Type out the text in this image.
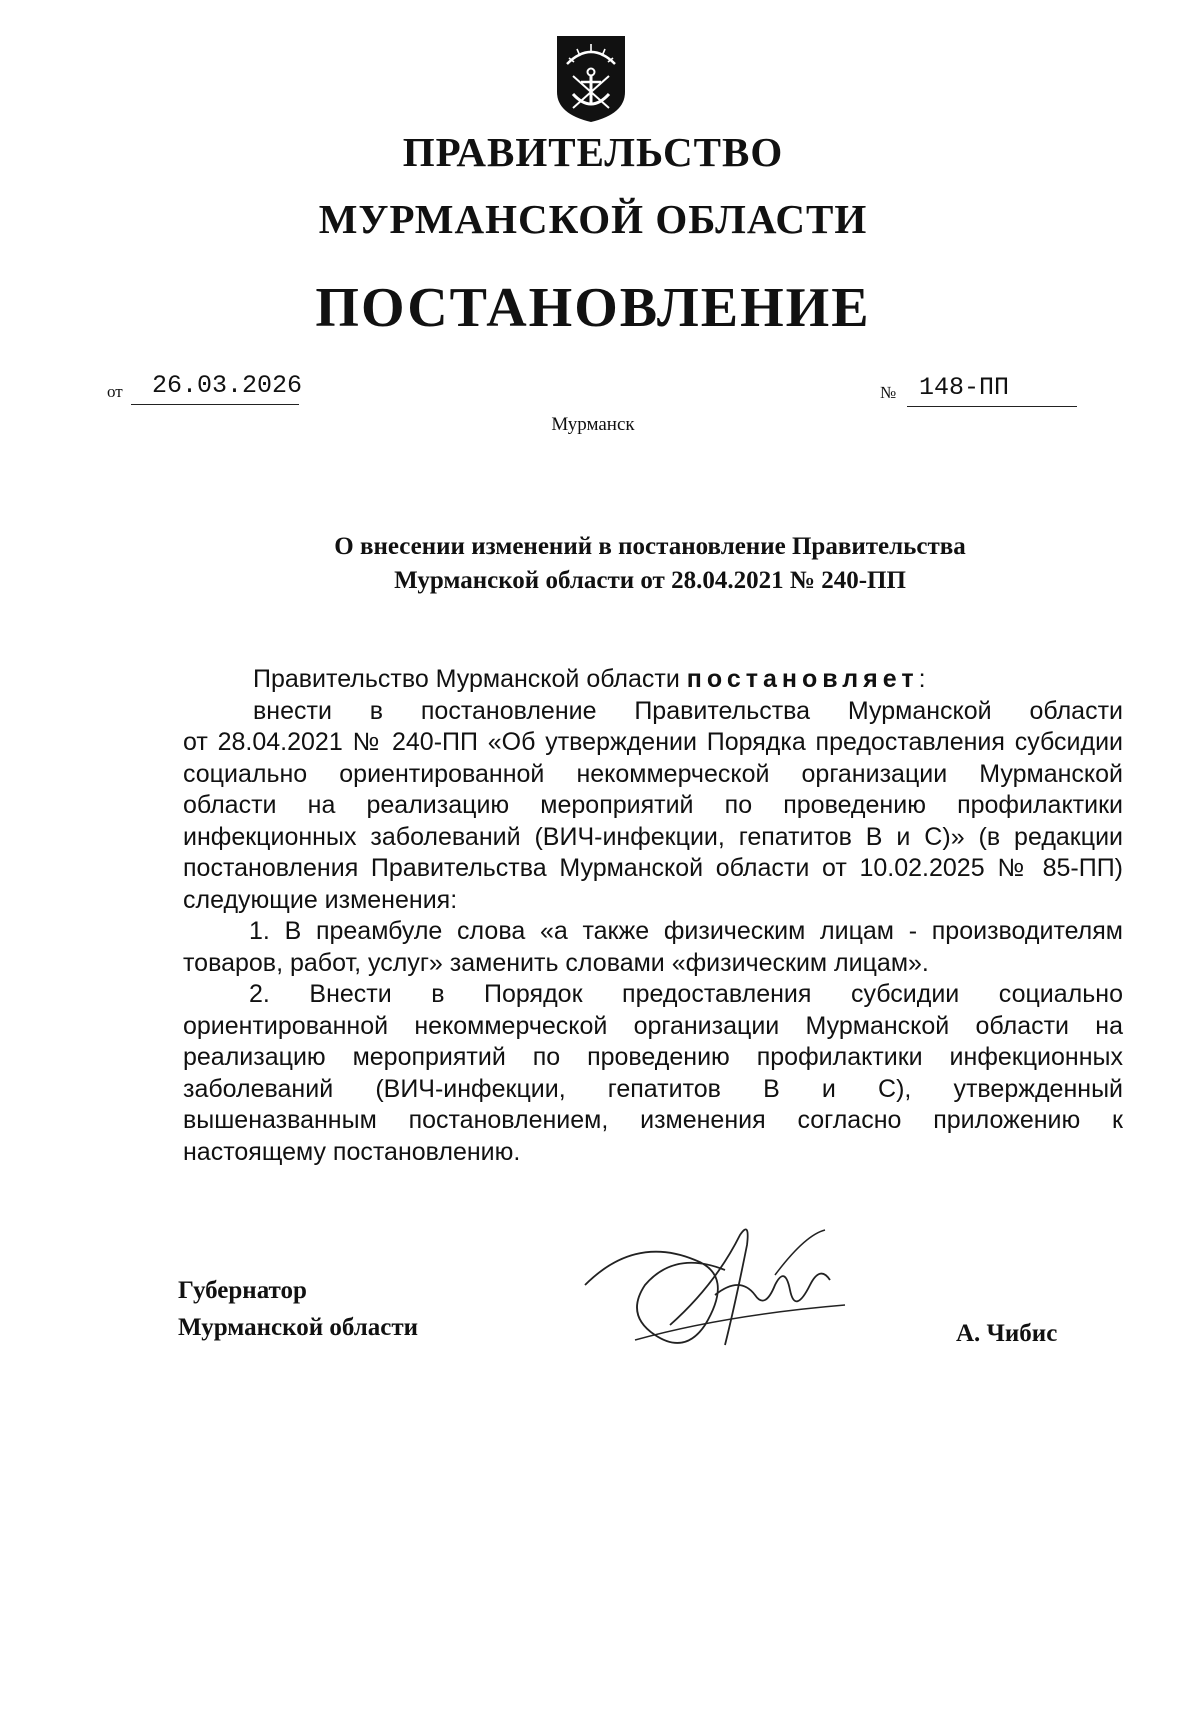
ПРАВИТЕЛЬСТВО
МУРМАНСКОЙ ОБЛАСТИ
ПОСТАНОВЛЕНИЕ
от 26.03.2026	№ 148-ПП
Мурманск
О внесении изменений в постановление Правительства
Мурманской области от 28.04.2021 № 240-ПП
Правительство Мурманской области постановляет:
внести в постановление Правительства Мурманской области
от 28.04.2021 № 240-ПП «Об утверждении Порядка предоставления субсидии
социально ориентированной некоммерческой организации Мурманской
области на реализацию мероприятий по проведению профилактики
инфекционных заболеваний (ВИЧ-инфекции, гепатитов В и С)» (в редакции
постановления Правительства Мурманской области от 10.02.2025 № 85-ПП)
следующие изменения:
1. В преамбуле слова «а также физическим лицам - производителям
товаров, работ, услуг» заменить словами «физическим лицам».
2. Внести в Порядок предоставления субсидии социально
ориентированной некоммерческой организации Мурманской области на
реализацию мероприятий по проведению профилактики инфекционных
заболеваний (ВИЧ-инфекции, гепатитов В и С), утвержденный
вышеназванным постановлением, изменения согласно приложению к
настоящему постановлению.
Губернатор
Мурманской области	А. Чибис
